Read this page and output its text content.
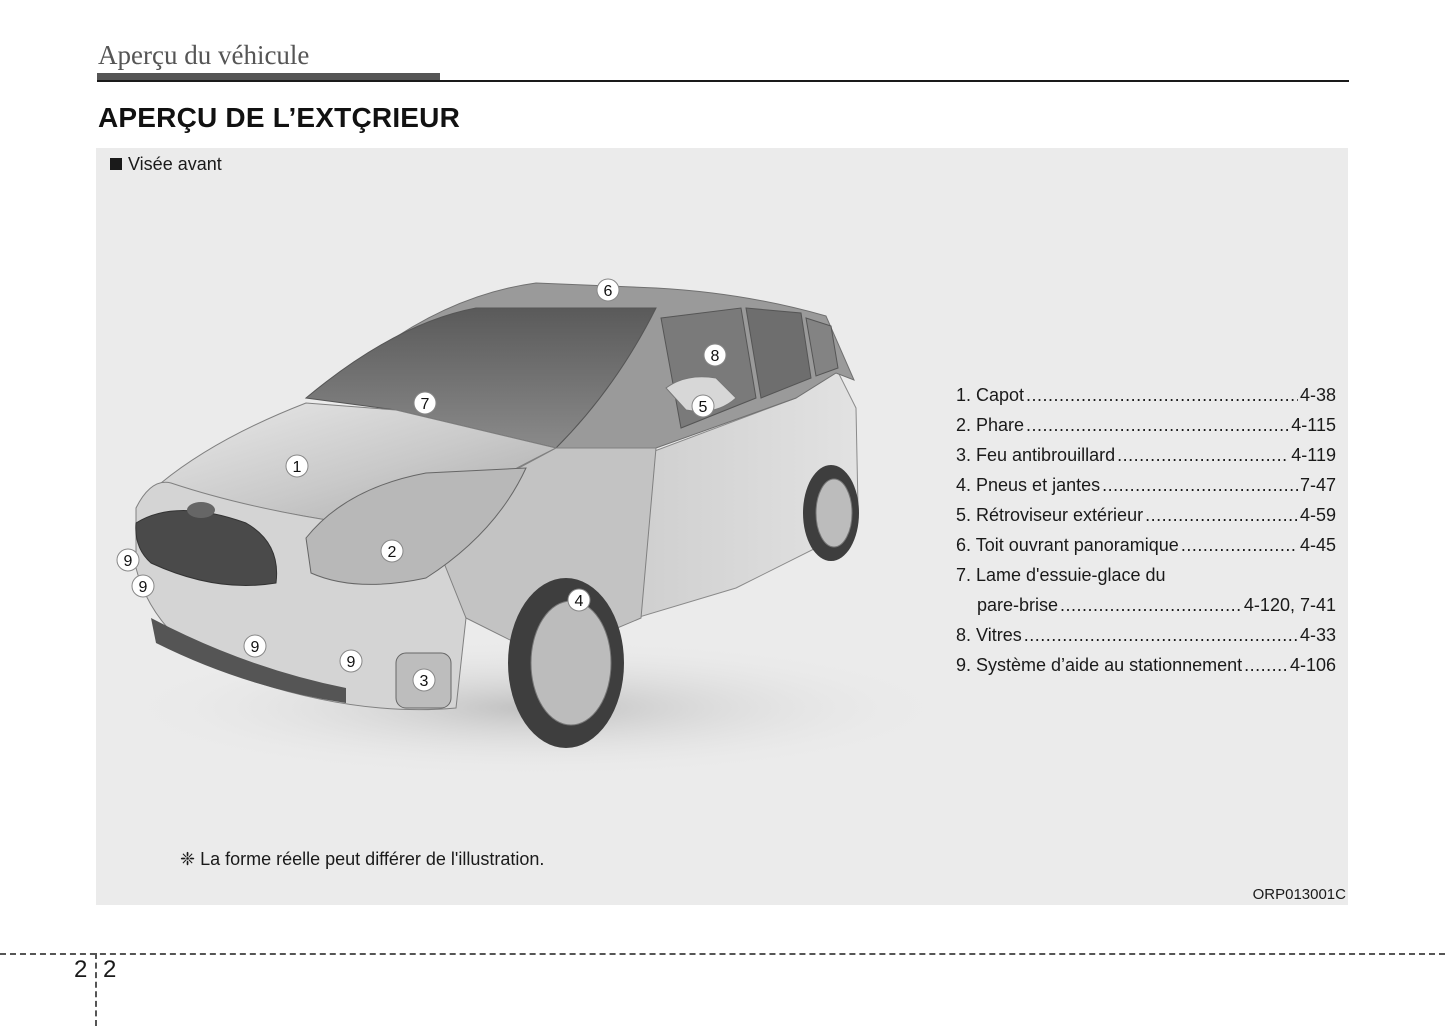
Aperçu du véhicule
APERÇU DE L’EXTÇRIEUR
Visée avant
6
8
7	5
1
2
9
9
4
9
9
3
1. Capot .....	4-38
2. Phare .....	4-115
3. Feu antibrouillard .....	4-119
4. Pneus et jantes .....	7-47
5. Rétroviseur extérieur .....	4-59
6. Toit ouvrant panoramique .....	4-45
7. Lame d'essuie-glace du
pare-brise .....	4-120, 7-41
8. Vitres .....	4-33
9. Système d’aide au stationnement .....	4-106
❈ La forme réelle peut différer de l'illustration.
ORP013001C
2 2
